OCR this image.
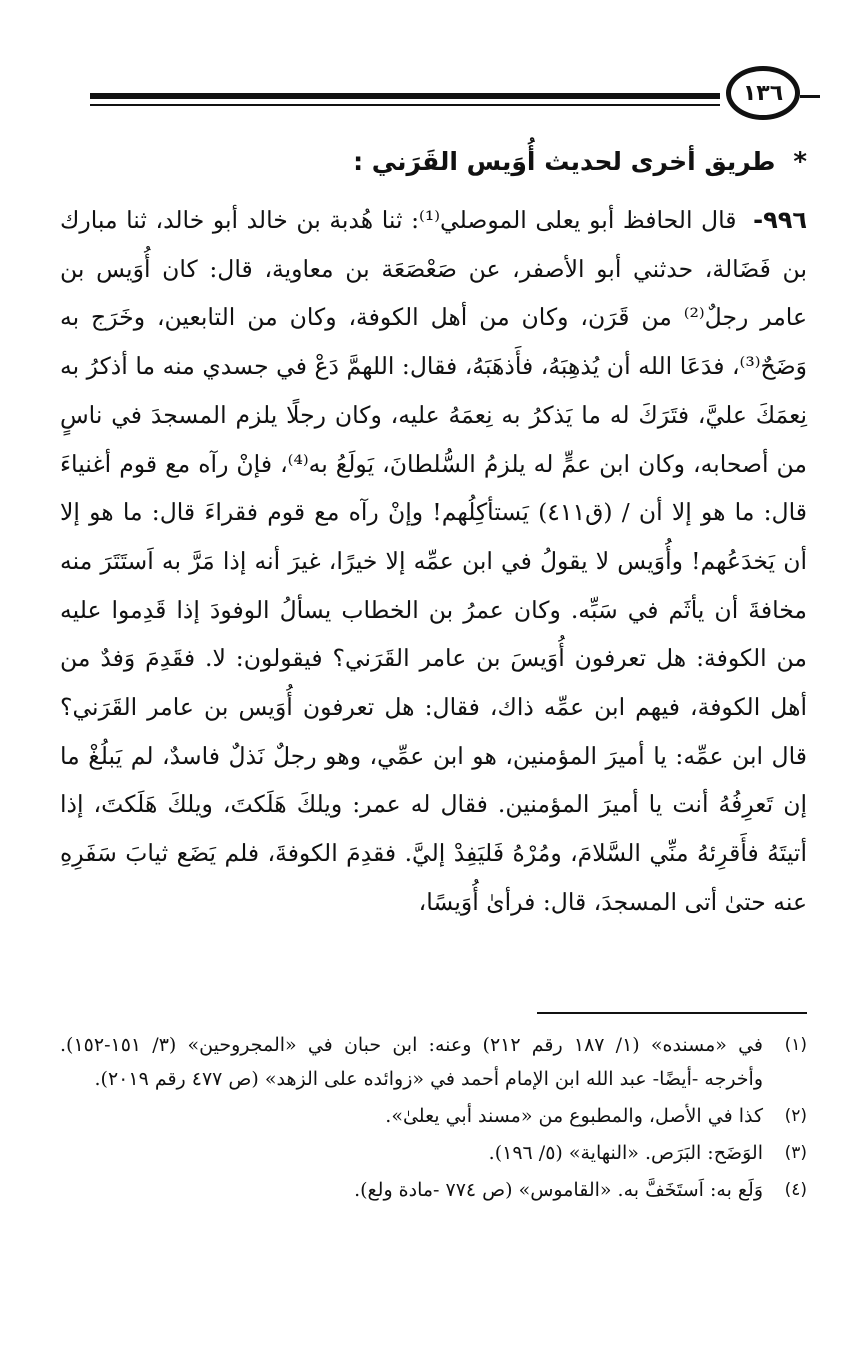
١٣٦
*طريق أخرى لحديث أُوَيس القَرَني :
٩٩٦- قال الحافظ أبو يعلى الموصلي⁽¹⁾: ثنا هُدبة بن خالد أبو خالد، ثنا مبارك بن فَضَالة، حدثني أبو الأصفر، عن صَعْصَعَة بن معاوية، قال: كان أُوَيس بن عامر رجلٌ⁽²⁾ من قَرَن، وكان من أهل الكوفة، وكان من التابعين، وخَرَج به وَضَحٌ⁽³⁾، فدَعَا الله أن يُذهِبَهُ، فأَذهَبَهُ، فقال: اللهمَّ دَعْ في جسدي منه ما أذكرُ به نِعمَكَ عليَّ، فتَرَكَ له ما يَذكرُ به نِعمَهُ عليه، وكان رجلًا يلزم المسجدَ في ناسٍ من أصحابه، وكان ابن عمٍّ له يلزمُ السُّلطانَ، يَولَعُ به⁽⁴⁾، فإنْ رآه مع قوم أغنياءَ قال: ما هو إلا أن / (ق٤١١) يَستأكِلُهم! وإنْ رآه مع قوم فقراءَ قال: ما هو إلا أن يَخدَعُهم! وأُوَيس لا يقولُ في ابن عمِّه إلا خيرًا، غيرَ أنه إذا مَرَّ به اَستَتَرَ منه مخافةَ أن يأثَم في سَبِّه. وكان عمرُ بن الخطاب يسألُ الوفودَ إذا قَدِموا عليه من الكوفة: هل تعرفون أُوَيسَ بن عامر القَرَني؟ فيقولون: لا. فقَدِمَ وَفدٌ من أهل الكوفة، فيهم ابن عمِّه ذاك، فقال: هل تعرفون أُوَيس بن عامر القَرَني؟ قال ابن عمِّه: يا أميرَ المؤمنين، هو ابن عمِّي، وهو رجلٌ نَذلٌ فاسدٌ، لم يَبلُغْ ما إن تَعرِفُهُ أنت يا أميرَ المؤمنين. فقال له عمر: ويلكَ هَلَكتَ، ويلكَ هَلَكتَ، إذا أتيتَهُ فأَقرِئهُ منِّي السَّلامَ، ومُرْهُ فَليَفِدْ إليَّ. فقدِمَ الكوفةَ، فلم يَضَع ثيابَ سَفَرِهِ عنه حتىٰ أتى المسجدَ، قال: فرأىٰ أُوَيسًا،
(١)
في «مسنده» (١/ ١٨٧ رقم ٢١٢) وعنه: ابن حبان في «المجروحين» (٣/ ١٥١-١٥٢). وأخرجه -أيضًا- عبد الله ابن الإمام أحمد في «زوائده على الزهد» (ص ٤٧٧ رقم ٢٠١٩).
(٢)
كذا في الأصل، والمطبوع من «مسند أبي يعلىٰ».
(٣)
الوَضَح: البَرَص. «النهاية» (٥/ ١٩٦).
(٤)
وَلَع به: اَستَخَفَّ به. «القاموس» (ص ٧٧٤ -مادة ولع).
